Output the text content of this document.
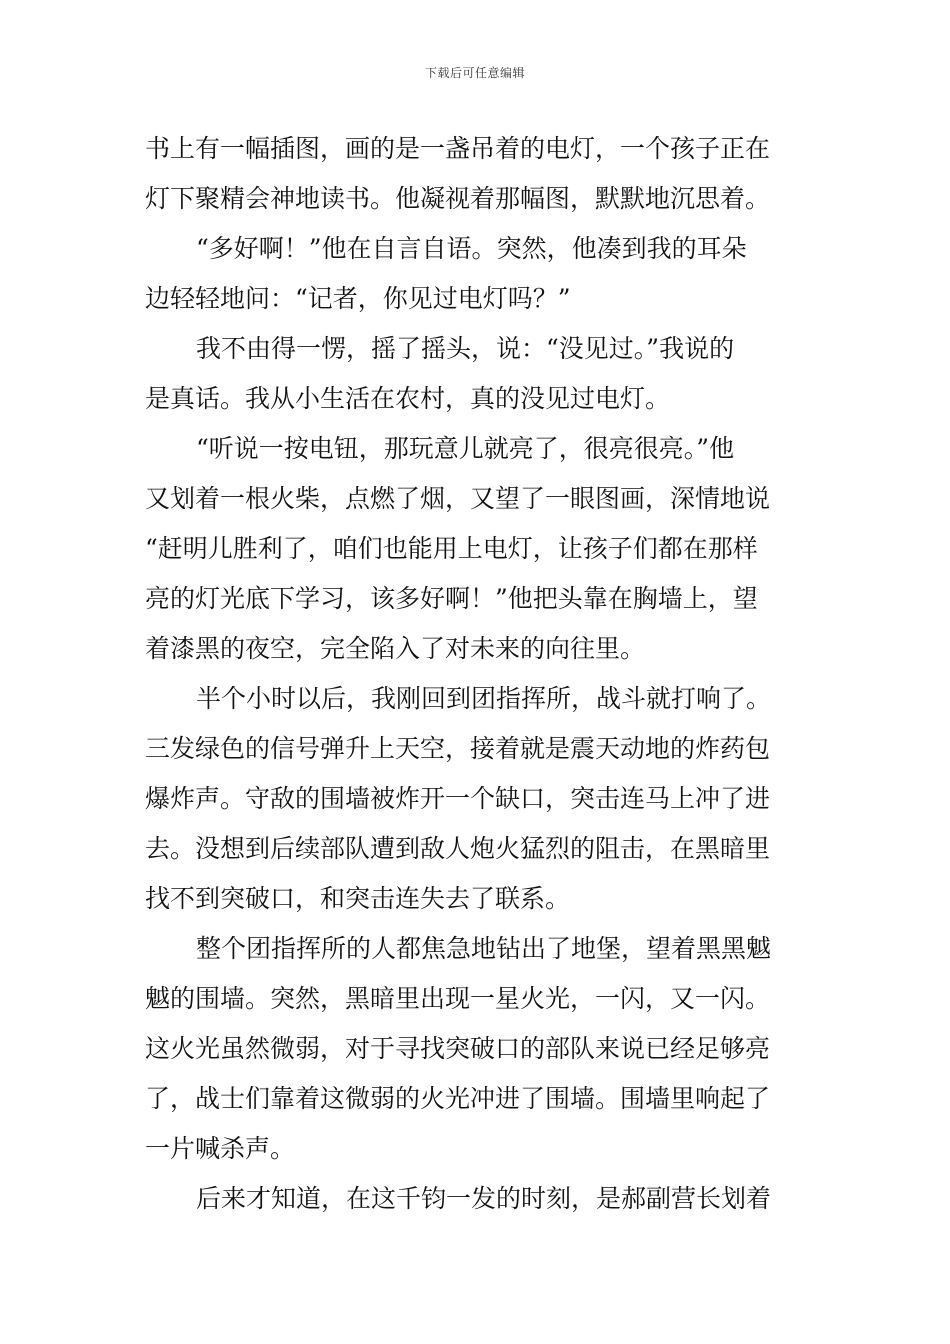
下载后可任意编辑
书上有一幅插图，画的是一盏吊着的电灯，一个孩子正在
灯下聚精会神地读书。他凝视着那幅图，默默地沉思着。
“多好啊！”他在自言自语。突然，他凑到我的耳朵
边轻轻地问：“记者，你见过电灯吗？”
我不由得一愣，摇了摇头，说：“没见过。”我说的
是真话。我从小生活在农村，真的没见过电灯。
“听说一按电钮，那玩意儿就亮了，很亮很亮。”他
又划着一根火柴，点燃了烟，又望了一眼图画，深情地说
“赶明儿胜利了，咱们也能用上电灯，让孩子们都在那样
亮的灯光底下学习，该多好啊！”他把头靠在胸墙上，望
着漆黑的夜空，完全陷入了对未来的向往里。
半个小时以后，我刚回到团指挥所，战斗就打响了。
三发绿色的信号弹升上天空，接着就是震天动地的炸药包
爆炸声。守敌的围墙被炸开一个缺口，突击连马上冲了进
去。没想到后续部队遭到敌人炮火猛烈的阻击，在黑暗里
找不到突破口，和突击连失去了联系。
整个团指挥所的人都焦急地钻出了地堡，望着黑黑魆
魆的围墙。突然，黑暗里出现一星火光，一闪，又一闪。
这火光虽然微弱，对于寻找突破口的部队来说已经足够亮
了，战士们靠着这微弱的火光冲进了围墙。围墙里响起了
一片喊杀声。
后来才知道，在这千钧一发的时刻，是郝副营长划着
